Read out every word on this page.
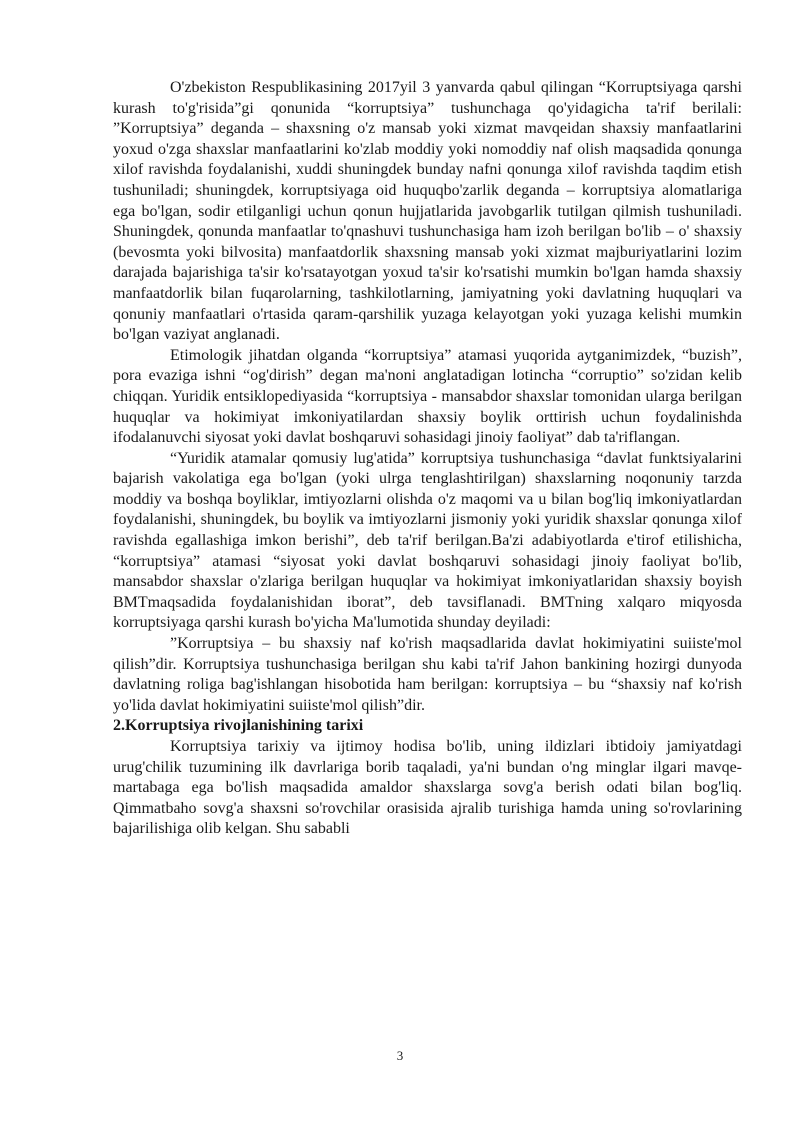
O'zbekiston Respublikasining 2017yil 3 yanvarda qabul qilingan “Korruptsiyaga qarshi kurash to'g'risida”gi qonunida “korruptsiya” tushunchaga qo'yidagicha ta'rif berilali: ”Korruptsiya” deganda – shaxsning o'z mansab yoki xizmat mavqeidan shaxsiy manfaatlarini yoxud o'zga shaxslar manfaatlarini ko'zlab moddiy yoki nomoddiy naf olish maqsadida qonunga xilof ravishda foydalanishi, xuddi shuningdek bunday nafni qonunga xilof ravishda taqdim etish tushuniladi; shuningdek, korruptsiyaga oid huquqbo'zarlik deganda – korruptsiya alomatlariga ega bo'lgan, sodir etilganligi uchun qonun hujjatlarida javobgarlik tutilgan qilmish tushuniladi. Shuningdek, qonunda manfaatlar to'qnashuvi tushunchasiga ham izoh berilgan bo'lib – o' shaxsiy (bevosmta yoki bilvosita) manfaatdorlik shaxsning mansab yoki xizmat majburiyatlarini lozim darajada bajarishiga ta'sir ko'rsatayotgan yoxud ta'sir ko'rsatishi mumkin bo'lgan hamda shaxsiy manfaatdorlik bilan fuqarolarning, tashkilotlarning, jamiyatning yoki davlatning huquqlari va qonuniy manfaatlari o'rtasida qaram-qarshilik yuzaga kelayotgan yoki yuzaga kelishi mumkin bo'lgan vaziyat anglanadi.

Etimologik jihatdan olganda “korruptsiya” atamasi yuqorida aytganimizdek, “buzish”, pora evaziga ishni “og'dirish” degan ma'noni anglatadigan lotincha “corruptio” so'zidan kelib chiqqan. Yuridik entsiklopediyasida “korruptsiya - mansabdor shaxslar tomonidan ularga berilgan huquqlar va hokimiyat imkoniyatilardan shaxsiy boylik orttirish uchun foydalinishda ifodalanuvchi siyosat yoki davlat boshqaruvi sohasidagi jinoiy faoliyat” dab ta'riflangan.

“Yuridik atamalar qomusiy lug'atida” korruptsiya tushunchasiga “davlat funktsiyalarini bajarish vakolatiga ega bo'lgan (yoki ulrga tenglashtirilgan) shaxslarning noqonuniy tarzda moddiy va boshqa boyliklar, imtiyozlarni olishda o'z maqomi va u bilan bog'liq imkoniyatlardan foydalanishi, shuningdek, bu boylik va imtiyozlarni jismoniy yoki yuridik shaxslar qonunga xilof ravishda egallashiga imkon berishi”, deb ta'rif berilgan.Ba'zi adabiyotlarda e'tirof etilishicha, “korruptsiya” atamasi “siyosat yoki davlat boshqaruvi sohasidagi jinoiy faoliyat bo'lib, mansabdor shaxslar o'zlariga berilgan huquqlar va hokimiyat imkoniyatlaridan shaxsiy boyish BMTmaqsadida foydalanishidan iborat”, deb tavsiflanadi. BMTning xalqaro miqyosda korruptsiyaga qarshi kurash bo'yicha Ma'lumotida shunday deyiladi:

”Korruptsiya – bu shaxsiy naf ko'rish maqsadlarida davlat hokimiyatini suiiste'mol qilish”dir. Korruptsiya tushunchasiga berilgan shu kabi ta'rif Jahon bankining hozirgi dunyoda davlatning roliga bag'ishlangan hisobotida ham berilgan: korruptsiya – bu “shaxsiy naf ko'rish yo'lida davlat hokimiyatini suiiste'mol qilish”dir.

2.Korruptsiya rivojlanishining tarixi

Korruptsiya tarixiy va ijtimoy hodisa bo'lib, uning ildizlari ibtidoiy jamiyatdagi urug'chilik tuzumining ilk davrlariga borib taqaladi, ya'ni bundan o'ng minglar ilgari mavqe-martabaga ega bo'lish maqsadida amaldor shaxslarga sovg'a berish odati bilan bog'liq. Qimmatbaho sovg'a shaxsni so'rovchilar orasisida ajralib turishiga hamda uning so'rovlarining bajarilishiga olib kelgan. Shu sababli

3
